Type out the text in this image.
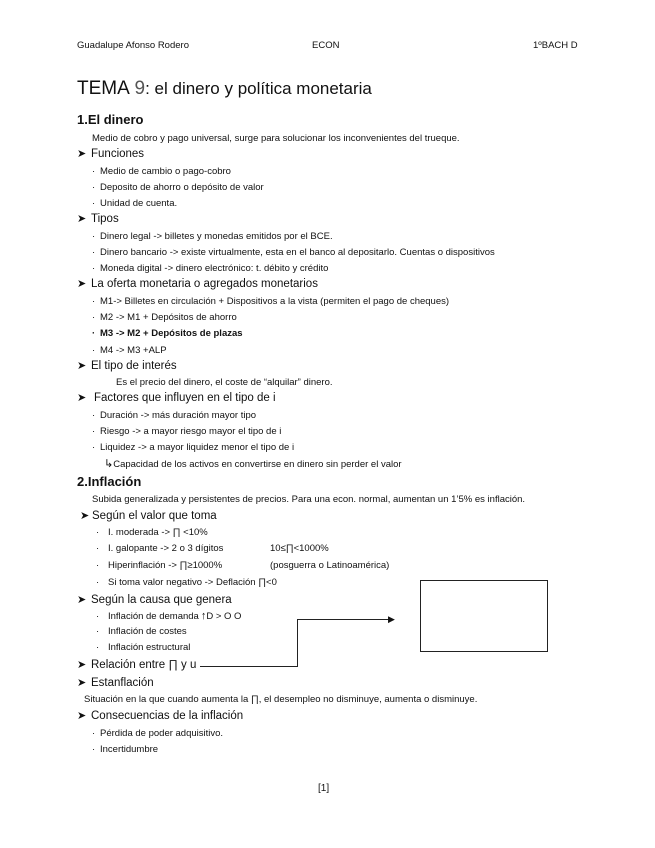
Guadalupe Afonso Rodero	ECON	1ºBACH D
TEMA 9: el dinero y política monetaria
1.El dinero
Medio de cobro y pago universal, surge para solucionar los inconvenientes del trueque.
➤ Funciones
· Medio de cambio o pago-cobro
· Deposito de ahorro o depósito de valor
· Unidad de cuenta.
➤ Tipos
· Dinero legal -> billetes y monedas emitidos por el BCE.
· Dinero bancario -> existe virtualmente, esta en el banco al depositarlo. Cuentas o dispositivos
· Moneda digital -> dinero electrónico: t. débito y crédito
➤ La oferta monetaria o agregados monetarios
· M1-> Billetes en circulación + Dispositivos a la vista (permiten el pago de cheques)
· M2 -> M1 + Depósitos de ahorro
· M3 -> M2 + Depósitos de plazas
· M4 -> M3 +ALP
➤ El tipo de interés
Es el precio del dinero, el coste de “alquilar” dinero.
➤ Factores que influyen en el tipo de i
· Duración -> más duración mayor tipo
· Riesgo -> a mayor riesgo mayor el tipo de i
· Liquidez -> a mayor liquidez menor el tipo de i
↳Capacidad de los activos en convertirse en dinero sin perder el valor
2.Inflación
Subida generalizada y persistentes de precios. Para una econ. normal, aumentan un 1’5% es inflación.
➤ Según el valor que toma
· I. moderada -> ∏ <10%
· I. galopante -> 2 o 3 dígitos	10≤∏<1000%
· Hiperinflación -> ∏≥1000%	(posguerra o Latinoamérica)
· Si toma valor negativo -> Deflación ∏<0
➤ Según la causa que genera
· Inflación de demanda ↑D > O O
· Inflación de costes
· Inflación estructural
▶
➤ Relación entre ∏ y u
➤ Estanflación
Situación en la que cuando aumenta la ∏, el desempleo no disminuye, aumenta o disminuye.
➤ Consecuencias de la inflación
· Pérdida de poder adquisitivo.
· Incertidumbre
[1]
